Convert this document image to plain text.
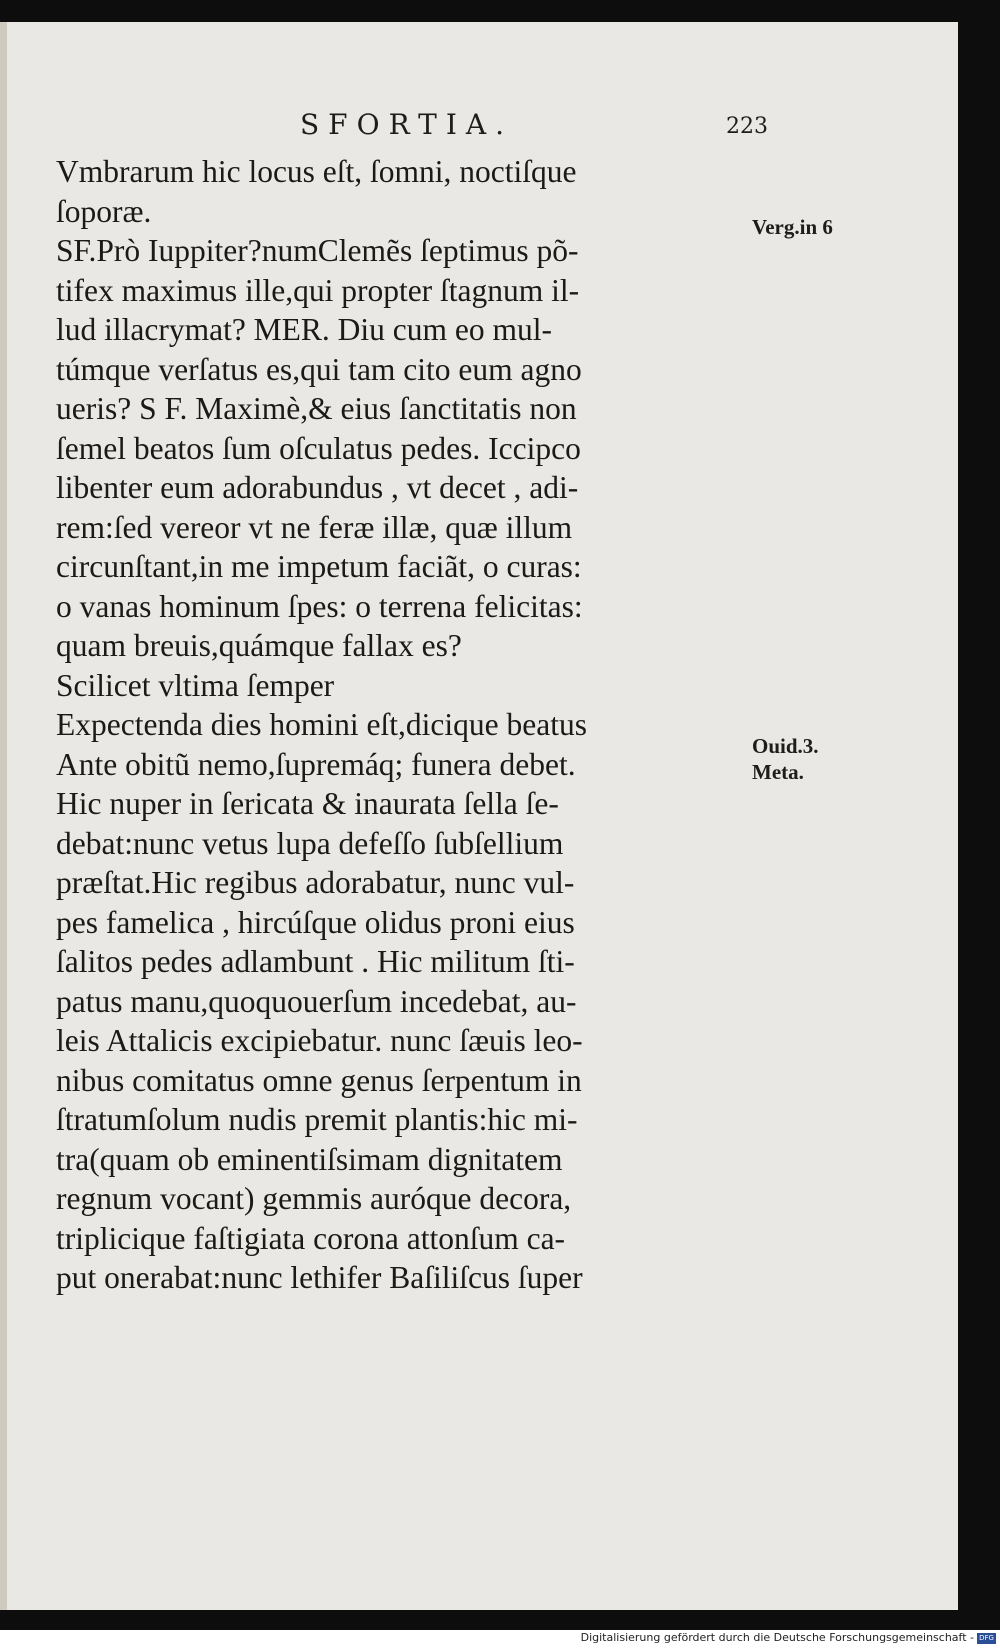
SFORTIA.	223
Vmbrarum hic locus eſt, ſomni, noctiſque
ſoporæ.
SF.Prò Iuppiter?numClemẽs ſeptimus põ-
tifex maximus ille,qui propter ſtagnum il-
lud illacrymat? MER. Diu cum eo mul-
túmque verſatus es,qui tam cito eum agno
ueris? S F. Maximè,& eius ſanctitatis non
ſemel beatos ſum oſculatus pedes. Icciрco
libenter eum adorabundus , vt decet , adi-
rem:ſed vereor vt ne feræ illæ, quæ illum
circunſtant,in me impetum faciãt, o curas:
o vanas hominum ſpes: o terrena felicitas:
quam breuis,quámque fallax es?
Scilicet vltima ſemper
Expectenda dies homini eſt,dicique beatus
Ante obitũ nemo,ſupremáq; funera debet.
Hic nuper in ſericata & inaurata ſella ſe-
debat:nunc vetus lupa defeſſo ſubſellium
præſtat.Hic regibus adorabatur, nunc vul-
pes famelica , hircúſque olidus proni eius
ſalitos pedes adlambunt . Hic militum ſti-
patus manu,quoquouerſum incedebat, au-
leis Attalicis excipiebatur. nunc ſæuis leo-
nibus comitatus omne genus ſerpentum in
ſtratumſolum nudis premit plantis:hic mi-
tra(quam ob eminentiſsimam dignitatem
regnum vocant) gemmis auróque decora,
triplicique faſtigiata corona attonſum ca-
put onerabat:nunc lethifer Baſiliſcus ſuper
Verg.in 6
Ouid.3.
Meta.
Digitalisierung gefördert durch die Deutsche Forschungsgemeinschaft - DFG
